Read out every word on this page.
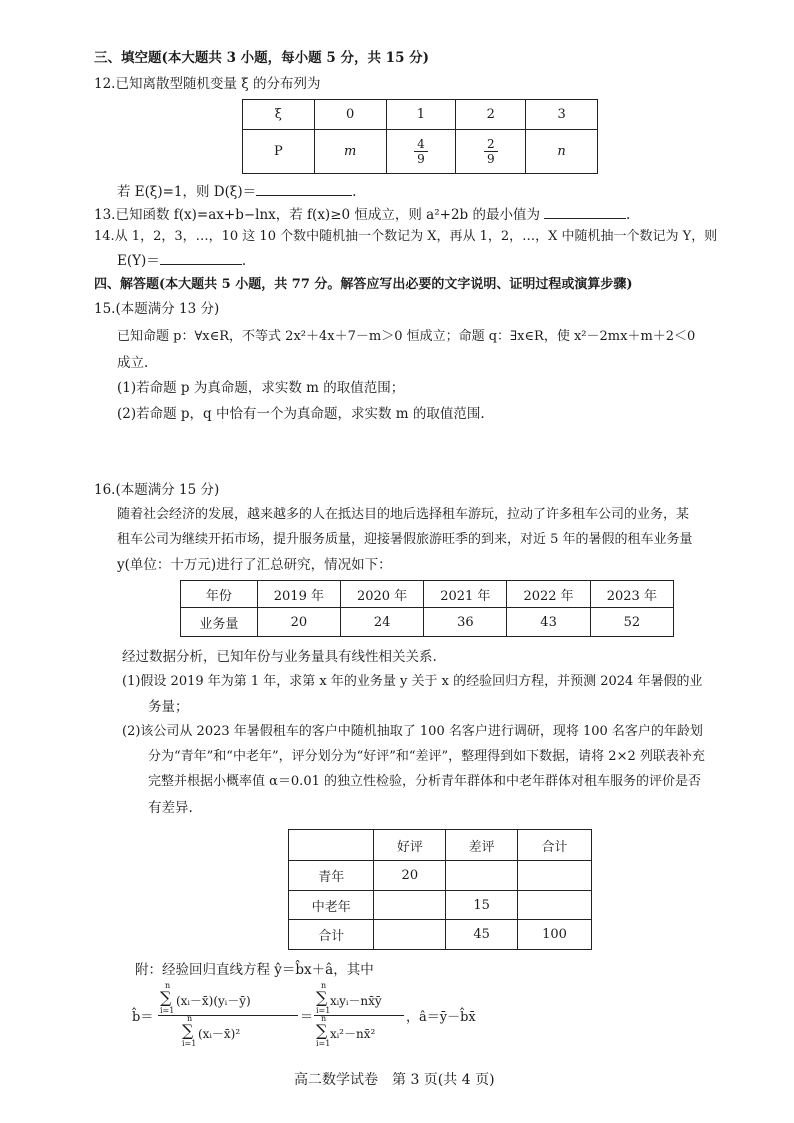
三、填空题(本大题共 3 小题，每小题 5 分，共 15 分)
12.已知离散型随机变量 ξ 的分布列为
ξ	0	1	2	3
P	m	$\frac{4}{9}$	$\frac{2}{9}$	n
若 E(ξ)=1，则 D(ξ)＝	.
13.已知函数 f(x)=ax+b−lnx，若 f(x)≥0 恒成立，则 a²+2b 的最小值为	.
14.从 1，2，3，…，10 这 10 个数中随机抽一个数记为 X，再从 1，2，…，X 中随机抽一个数记为 Y，则
E(Y)＝	.
四、解答题(本大题共 5 小题，共 77 分。解答应写出必要的文字说明、证明过程或演算步骤)
15.(本题满分 13 分)
已知命题 p：∀x∈R，不等式 2x²＋4x＋7－m＞0 恒成立；命题 q：∃x∈R，使 x²－2mx＋m＋2＜0
成立.
(1)若命题 p 为真命题，求实数 m 的取值范围；
(2)若命题 p，q 中恰有一个为真命题，求实数 m 的取值范围.
16.(本题满分 15 分)
随着社会经济的发展，越来越多的人在抵达目的地后选择租车游玩，拉动了许多租车公司的业务，某
租车公司为继续开拓市场，提升服务质量，迎接暑假旅游旺季的到来，对近 5 年的暑假的租车业务量
y(单位：十万元)进行了汇总研究，情况如下：
年份	2019 年	2020 年	2021 年	2022 年	2023 年
业务量	20	24	36	43	52
经过数据分析，已知年份与业务量具有线性相关关系.
(1)假设 2019 年为第 1 年，求第 x 年的业务量 y 关于 x 的经验回归方程，并预测 2024 年暑假的业
务量；
(2)该公司从 2023 年暑假租车的客户中随机抽取了 100 名客户进行调研，现将 100 名客户的年龄划
分为“青年”和“中老年”，评分划分为“好评”和“差评”，整理得到如下数据，请将 2×2 列联表补充
完整并根据小概率值 α＝0.01 的独立性检验，分析青年群体和中老年群体对租车服务的评价是否
有差异.
	好评	差评	合计
青年	20		
中老年		15	
合计		45	100
附：经验回归直线方程 ŷ＝b̂x＋â，其中
b̂＝
n
∑
i=1
(xᵢ－x̄)(yᵢ－ȳ)
n
∑
i=1
(xᵢ－x̄)²
＝
n
∑
i=1
xᵢyᵢ－nx̄ȳ
n
∑
i=1
xᵢ²－nx̄²
，â＝ȳ－b̂x̄
高二数学试卷　第 3 页(共 4 页)
